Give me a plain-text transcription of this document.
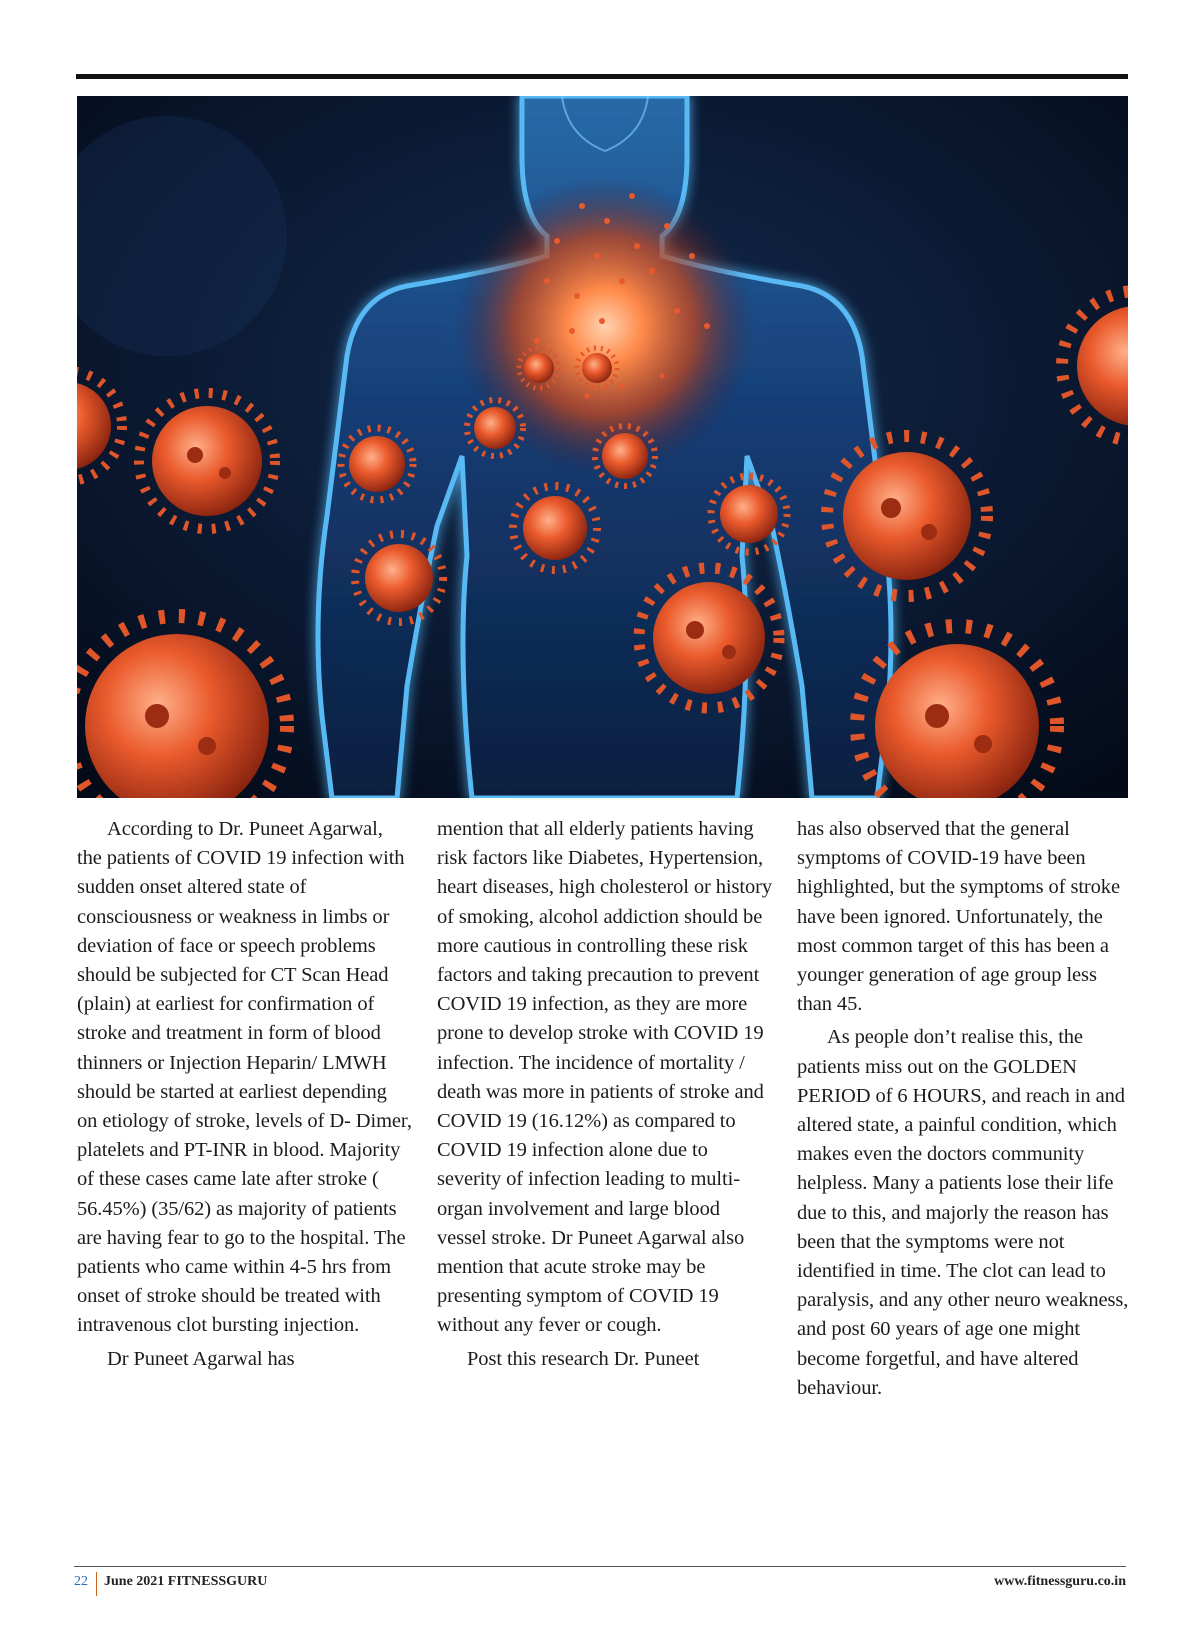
According to Dr. Puneet Agarwal, the patients of COVID 19 infection with sudden onset altered state of consciousness or weakness in limbs or deviation of face or speech problems should be subjected for CT Scan Head (plain) at earliest for confirmation of stroke and treatment in form of blood thinners or Injection Heparin/ LMWH should be started at earliest depending on etiology of stroke, levels of D- Dimer, platelets and PT-INR in blood. Majority of these cases came late after stroke ( 56.45%) (35/62) as majority of patients are having fear to go to the hospital. The patients who came within 4-5 hrs from onset of stroke should be treated with intravenous clot bursting injection.

Dr Puneet Agarwal has

mention that all elderly patients having risk factors like Diabetes, Hypertension, heart diseases, high cholesterol or history of smoking, alcohol addiction should be more cautious in controlling these risk factors and taking precaution to prevent COVID 19 infection, as they are more prone to develop stroke with COVID 19 infection. The incidence of mortality / death was more in patients of stroke and COVID 19 (16.12%) as compared to COVID 19 infection alone due to severity of infection leading to multi-organ involvement and large blood vessel stroke. Dr Puneet Agarwal also mention that acute stroke may be presenting symptom of COVID 19 without any fever or cough.

Post this research Dr. Puneet

has also observed that the general symptoms of COVID-19 have been highlighted, but the symptoms of stroke have been ignored. Unfortunately, the most common target of this has been a younger generation of age group less than 45.

As people don’t realise this, the patients miss out on the GOLDEN PERIOD of 6 HOURS, and reach in and altered state, a painful condition, which makes even the doctors community helpless. Many a patients lose their life due to this, and majorly the reason has been that the symptoms were not identified in time. The clot can lead to paralysis, and any other neuro weakness, and post 60 years of age one might become forgetful, and have altered behaviour.

22 June 2021 FITNESSGURU	www.fitnessguru.co.in
